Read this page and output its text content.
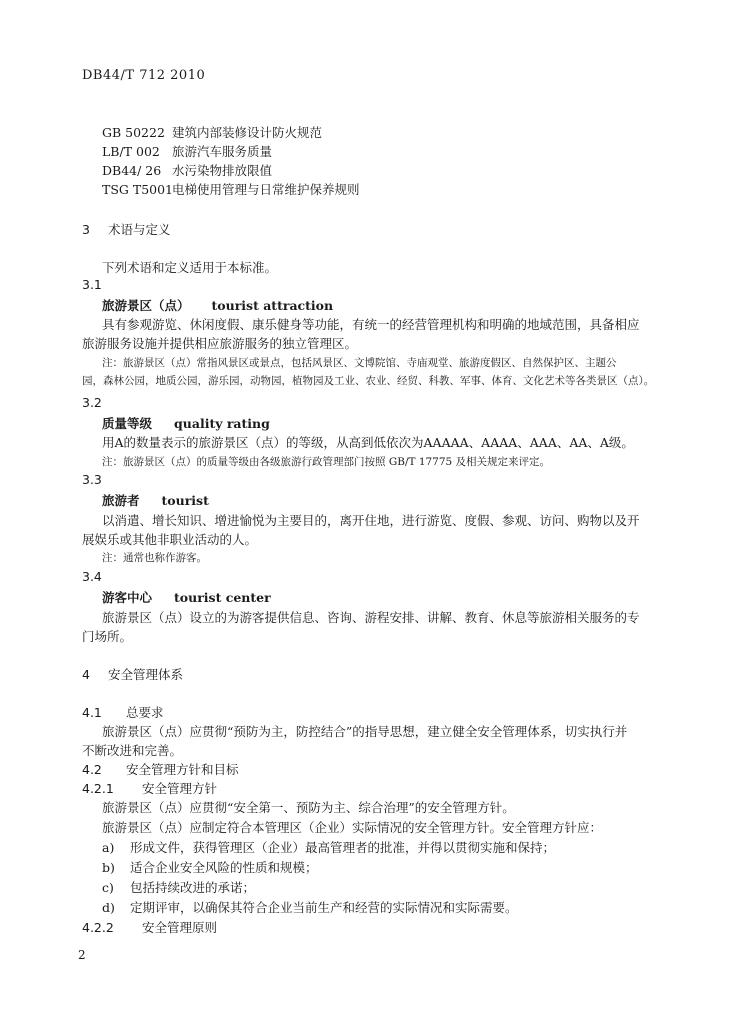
DB44/T 712 2010
GB 50222 建筑内部装修设计防火规范
LB/T 002 旅游汽车服务质量
DB44/ 26 水污染物排放限值
TSG T5001 电梯使用管理与日常维护保养规则
3 术语与定义
下列术语和定义适用于本标准。
3.1
旅游景区（点） tourist attraction
具有参观游览、休闲度假、康乐健身等功能，有统一的经营管理机构和明确的地域范围，具备相应
旅游服务设施并提供相应旅游服务的独立管理区。
注：旅游景区（点）常指风景区或景点，包括风景区、文博院馆、寺庙观堂、旅游度假区、自然保护区、主题公
园，森林公园，地质公园，游乐园，动物园，植物园及工业、农业、经贸、科教、军事、体育、文化艺术等各类景区（点）。
3.2
质量等级 quality rating
用A的数量表示的旅游景区（点）的等级，从高到低依次为AAAAA、AAAA、AAA、AA、A级。
注：旅游景区（点）的质量等级由各级旅游行政管理部门按照 GB/T 17775 及相关规定来评定。
3.3
旅游者 tourist
以消遣、增长知识、增进愉悦为主要目的，离开住地，进行游览、度假、参观、访问、购物以及开
展娱乐或其他非职业活动的人。
注：通常也称作游客。
3.4
游客中心 tourist center
旅游景区（点）设立的为游客提供信息、咨询、游程安排、讲解、教育、休息等旅游相关服务的专
门场所。
4 安全管理体系
4.1 总要求
旅游景区（点）应贯彻“预防为主，防控结合”的指导思想，建立健全安全管理体系，切实执行并
不断改进和完善。
4.2 安全管理方针和目标
4.2.1 安全管理方针
旅游景区（点）应贯彻“安全第一、预防为主、综合治理”的安全管理方针。
旅游景区（点）应制定符合本管理区（企业）实际情况的安全管理方针。安全管理方针应：
a) 形成文件，获得管理区（企业）最高管理者的批准，并得以贯彻实施和保持；
b) 适合企业安全风险的性质和规模；
c) 包括持续改进的承诺；
d) 定期评审，以确保其符合企业当前生产和经营的实际情况和实际需要。
4.2.2 安全管理原则
2
